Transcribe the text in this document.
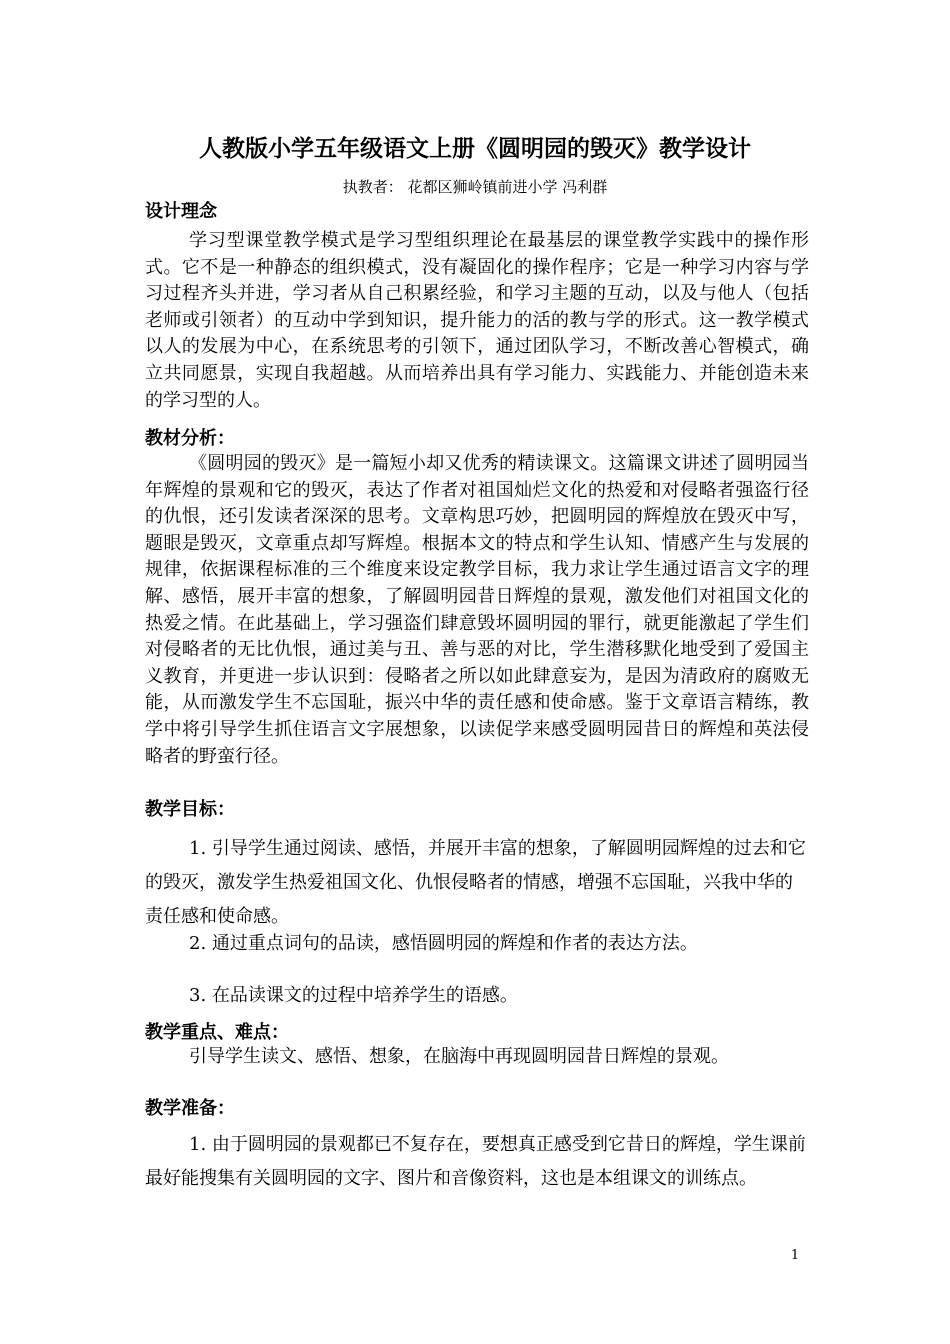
人教版小学五年级语文上册《圆明园的毁灭》教学设计
执教者： 花都区狮岭镇前进小学 冯利群
设计理念

学习型课堂教学模式是学习型组织理论在最基层的课堂教学实践中的操作形式。它不是一种静态的组织模式，没有凝固化的操作程序；它是一种学习内容与学习过程齐头并进，学习者从自己积累经验，和学习主题的互动，以及与他人（包括老师或引领者）的互动中学到知识，提升能力的活的教与学的形式。这一教学模式以人的发展为中心，在系统思考的引领下，通过团队学习，不断改善心智模式，确立共同愿景，实现自我超越。从而培养出具有学习能力、实践能力、并能创造未来的学习型的人。

教材分析：

《圆明园的毁灭》是一篇短小却又优秀的精读课文。这篇课文讲述了圆明园当年辉煌的景观和它的毁灭，表达了作者对祖国灿烂文化的热爱和对侵略者强盗行径的仇恨，还引发读者深深的思考。文章构思巧妙，把圆明园的辉煌放在毁灭中写，题眼是毁灭，文章重点却写辉煌。根据本文的特点和学生认知、情感产生与发展的规律，依据课程标准的三个维度来设定教学目标，我力求让学生通过语言文字的理解、感悟，展开丰富的想象，了解圆明园昔日辉煌的景观，激发他们对祖国文化的热爱之情。在此基础上，学习强盗们肆意毁坏圆明园的罪行，就更能激起了学生们对侵略者的无比仇恨，通过美与丑、善与恶的对比，学生潜移默化地受到了爱国主义教育，并更进一步认识到：侵略者之所以如此肆意妄为，是因为清政府的腐败无能，从而激发学生不忘国耻，振兴中华的责任感和使命感。鉴于文章语言精练，教学中将引导学生抓住语言文字展想象，以读促学来感受圆明园昔日的辉煌和英法侵略者的野蛮行径。

教学目标：

1. 引导学生通过阅读、感悟，并展开丰富的想象，了解圆明园辉煌的过去和它的毁灭，激发学生热爱祖国文化、仇恨侵略者的情感，增强不忘国耻，兴我中华的责任感和使命感。

2. 通过重点词句的品读，感悟圆明园的辉煌和作者的表达方法。

3. 在品读课文的过程中培养学生的语感。

教学重点、难点：

引导学生读文、感悟、想象，在脑海中再现圆明园昔日辉煌的景观。

教学准备：

1. 由于圆明园的景观都已不复存在，要想真正感受到它昔日的辉煌，学生课前最好能搜集有关圆明园的文字、图片和音像资料，这也是本组课文的训练点。

1
